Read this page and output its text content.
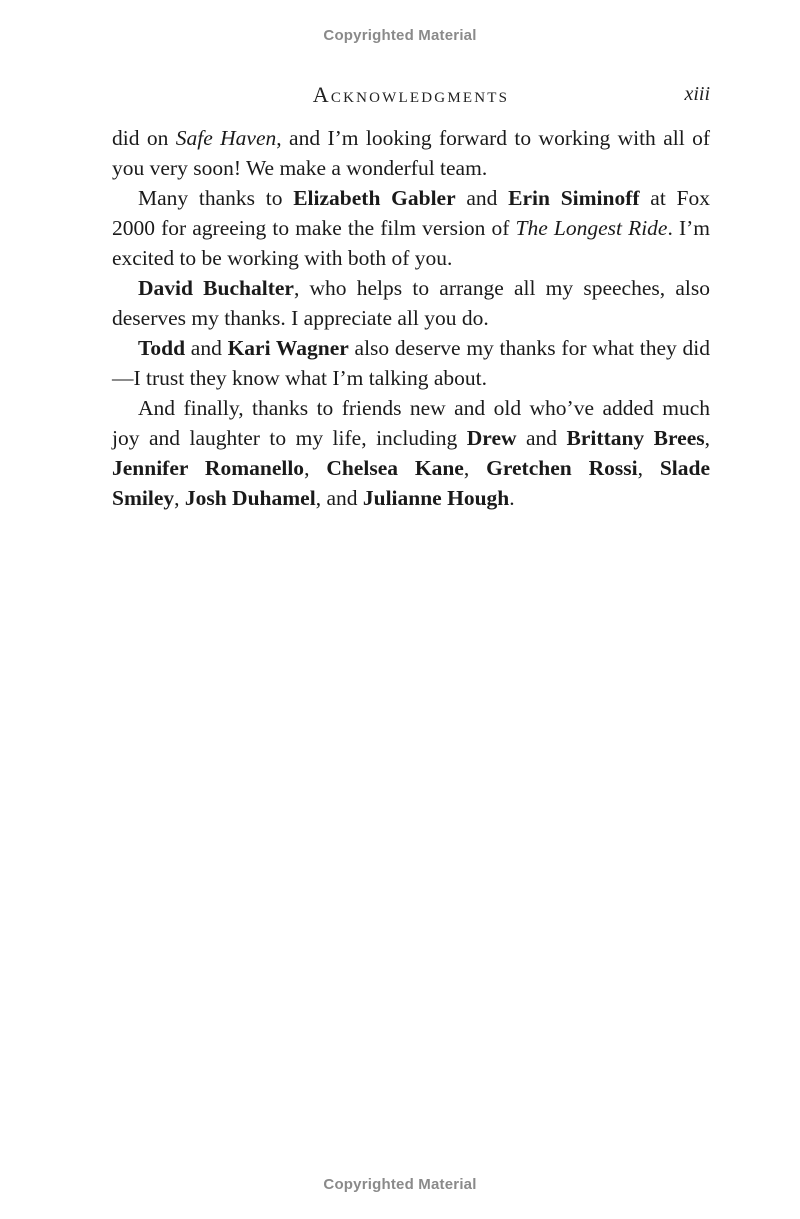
Copyrighted Material
Acknowledgments	xiii

did on Safe Haven, and I’m looking forward to working with all of you very soon! We make a wonderful team.

Many thanks to Elizabeth Gabler and Erin Siminoff at Fox 2000 for agreeing to make the film version of The Longest Ride. I’m excited to be working with both of you.

David Buchalter, who helps to arrange all my speeches, also deserves my thanks. I appreciate all you do.

Todd and Kari Wagner also deserve my thanks for what they did—I trust they know what I’m talking about.

And finally, thanks to friends new and old who’ve added much joy and laughter to my life, including Drew and Brittany Brees, Jennifer Romanello, Chelsea Kane, Gretchen Rossi, Slade Smiley, Josh Duhamel, and Julianne Hough.

Copyrighted Material
